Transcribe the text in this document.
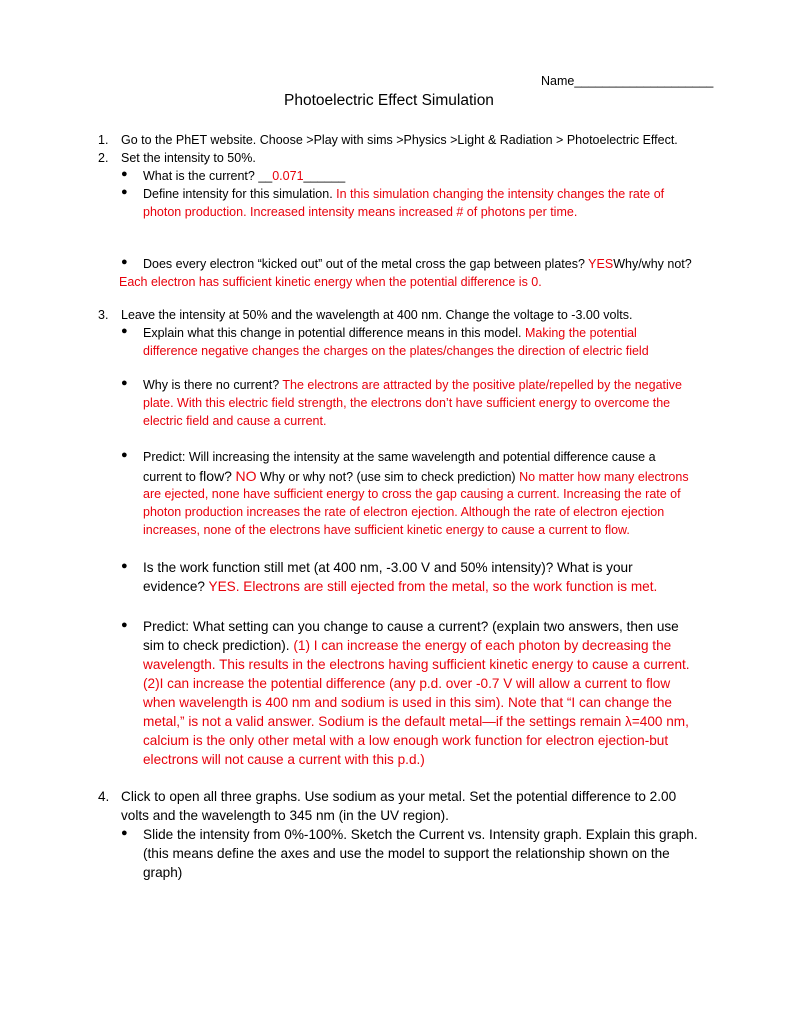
Name____________________
Photoelectric Effect Simulation
1. Go to the PhET website. Choose >Play with sims >Physics >Light & Radiation > Photoelectric Effect.
2. Set the intensity to 50%.
● What is the current? __0.071______
● Define intensity for this simulation. In this simulation changing the intensity changes the rate of
photon production. Increased intensity means increased # of photons per time.
● Does every electron “kicked out” out of the metal cross the gap between plates? YESWhy/why not?
Each electron has sufficient kinetic energy when the potential difference is 0.
3. Leave the intensity at 50% and the wavelength at 400 nm. Change the voltage to -3.00 volts.
● Explain what this change in potential difference means in this model. Making the potential
difference negative changes the charges on the plates/changes the direction of electric field
● Why is there no current? The electrons are attracted by the positive plate/repelled by the negative
plate. With this electric field strength, the electrons don’t have sufficient energy to overcome the
electric field and cause a current.
● Predict: Will increasing the intensity at the same wavelength and potential difference cause a
current to flow? NO Why or why not? (use sim to check prediction) No matter how many electrons
are ejected, none have sufficient energy to cross the gap causing a current. Increasing the rate of
photon production increases the rate of electron ejection. Although the rate of electron ejection
increases, none of the electrons have sufficient kinetic energy to cause a current to flow.
● Is the work function still met (at 400 nm, -3.00 V and 50% intensity)? What is your
evidence? YES. Electrons are still ejected from the metal, so the work function is met.
● Predict: What setting can you change to cause a current? (explain two answers, then use
sim to check prediction). (1) I can increase the energy of each photon by decreasing the
wavelength. This results in the electrons having sufficient kinetic energy to cause a current.
(2)I can increase the potential difference (any p.d. over -0.7 V will allow a current to flow
when wavelength is 400 nm and sodium is used in this sim). Note that “I can change the
metal,” is not a valid answer. Sodium is the default metal—if the settings remain λ=400 nm,
calcium is the only other metal with a low enough work function for electron ejection-but
electrons will not cause a current with this p.d.)
4. Click to open all three graphs. Use sodium as your metal. Set the potential difference to 2.00
volts and the wavelength to 345 nm (in the UV region).
● Slide the intensity from 0%-100%. Sketch the Current vs. Intensity graph. Explain this graph.
(this means define the axes and use the model to support the relationship shown on the
graph)
